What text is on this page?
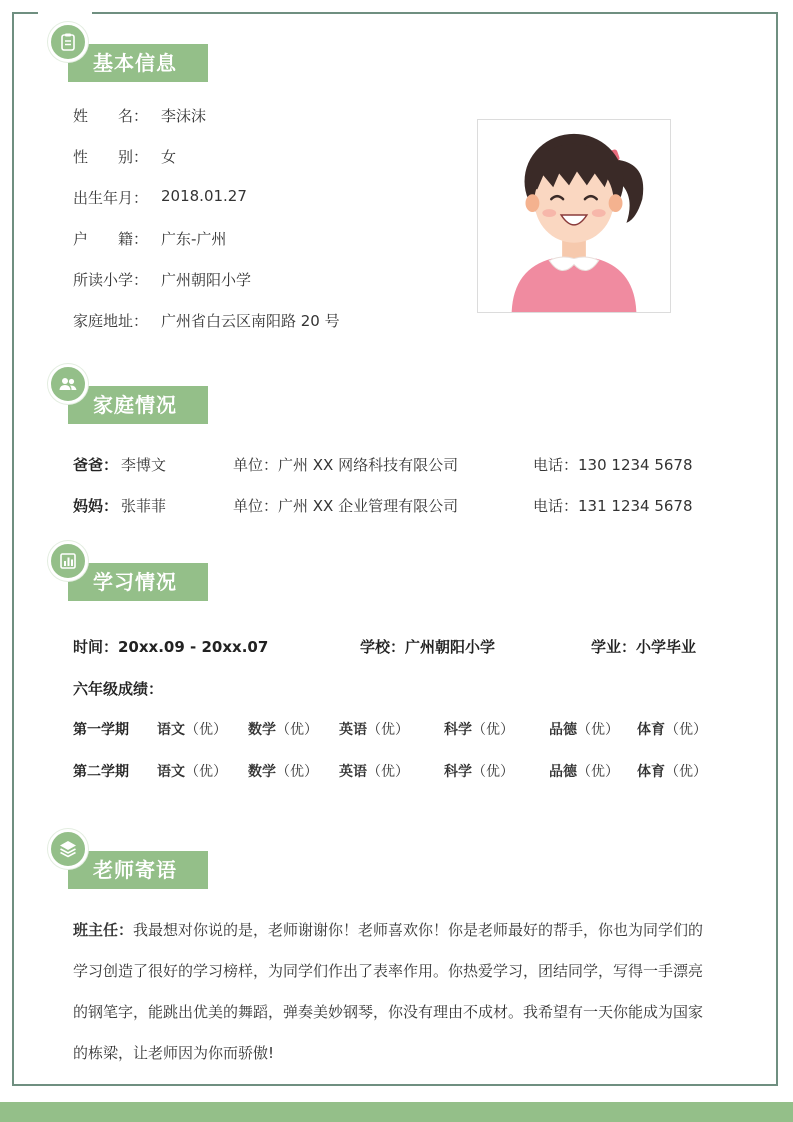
基本信息
姓　　名： 李沫沫
性　　别： 女
出生年月： 2018.01.27
户　　籍： 广东-广州
所读小学： 广州朝阳小学
家庭地址： 广州省白云区南阳路 20 号
家庭情况
爸爸： 李博文	单位：广州 XX 网络科技有限公司	电话：130 1234 5678
妈妈： 张菲菲	单位：广州 XX 企业管理有限公司	电话：131 1234 5678
学习情况
时间：20xx.09 - 20xx.07	学校：广州朝阳小学	学业：小学毕业
六年级成绩：
第一学期 语文（优） 数学（优） 英语（优）	科学（优）	品德（优） 体育（优）
第二学期 语文（优） 数学（优） 英语（优）	科学（优）	品德（优） 体育（优）
老师寄语
班主任：我最想对你说的是，老师谢谢你！老师喜欢你！你是老师最好的帮手，你也为同学们的学习创造了很好的学习榜样，为同学们作出了表率作用。你热爱学习，团结同学，写得一手漂亮的钢笔字，能跳出优美的舞蹈，弹奏美妙钢琴，你没有理由不成材。我希望有一天你能成为国家的栋梁，让老师因为你而骄傲!
